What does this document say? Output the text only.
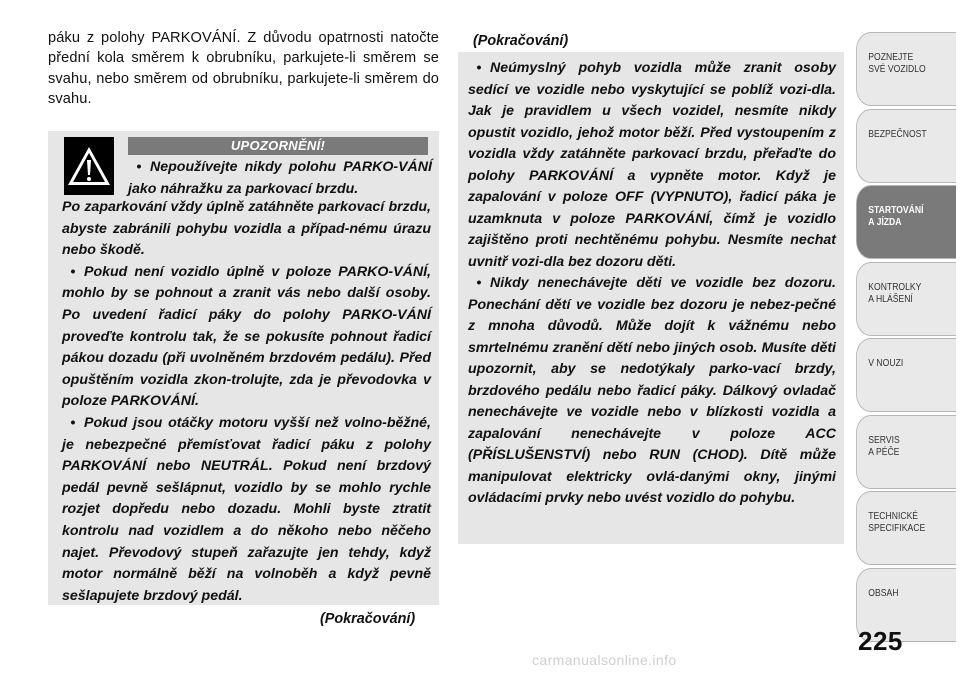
páku z polohy PARKOVÁNÍ. Z důvodu opatrnosti natočte přední kola směrem k obrubníku, parkujete-li směrem se svahu, nebo směrem od obrubníku, parkujete-li směrem do svahu.

UPOZORNĚNÍ!
• Nepoužívejte nikdy polohu PARKO-VÁNÍ jako náhražku za parkovací brzdu.

Po zaparkování vždy úplně zatáhněte parkovací brzdu, abyste zabránili pohybu vozidla a případ-nému úrazu nebo škodě.

• Pokud není vozidlo úplně v poloze PARKO-VÁNÍ, mohlo by se pohnout a zranit vás nebo další osoby. Po uvedení řadicí páky do polohy PARKO-VÁNÍ proveďte kontrolu tak, že se pokusíte pohnout řadicí pákou dozadu (při uvolněném brzdovém pedálu). Před opuštěním vozidla zkon-trolujte, zda je převodovka v poloze PARKOVÁNÍ.

• Pokud jsou otáčky motoru vyšší než volno-běžné, je nebezpečné přemísťovat řadicí páku z polohy PARKOVÁNÍ nebo NEUTRÁL. Pokud není brzdový pedál pevně sešlápnut, vozidlo by se mohlo rychle rozjet dopředu nebo dozadu. Mohli byste ztratit kontrolu nad vozidlem a do někoho nebo něčeho najet. Převodový stupeň zařazujte jen tehdy, když motor normálně běží na volnoběh a když pevně sešlapujete brzdový pedál.

(Pokračování)
(Pokračování)

• Neúmyslný pohyb vozidla může zranit osoby sedící ve vozidle nebo vyskytující se poblíž vozi-dla. Jak je pravidlem u všech vozidel, nesmíte nikdy opustit vozidlo, jehož motor běží. Před vystoupením z vozidla vždy zatáhněte parkovací brzdu, přeřaďte do polohy PARKOVÁNÍ a vypněte motor. Když je zapalování v poloze OFF (VYPNUTO), řadicí páka je uzamknuta v poloze PARKOVÁNÍ, čímž je vozidlo zajištěno proti nechtěnému pohybu. Nesmíte nechat uvnitř vozi-dla bez dozoru děti.

• Nikdy nenechávejte děti ve vozidle bez dozoru. Ponechání dětí ve vozidle bez dozoru je nebez-pečné z mnoha důvodů. Může dojít k vážnému nebo smrtelnému zranění dětí nebo jiných osob. Musíte děti upozornit, aby se nedotýkaly parko-vací brzdy, brzdového pedálu nebo řadicí páky. Dálkový ovladač nenechávejte ve vozidle nebo v blízkosti vozidla a zapalování nenechávejte v poloze ACC (PŘÍSLUŠENSTVÍ) nebo RUN (CHOD). Dítě může manipulovat elektricky ovlá-danými okny, jinými ovládacími prvky nebo uvést vozidlo do pohybu.

POZNEJTE
SVÉ VOZIDLO
BEZPEČNOST
STARTOVÁNÍ
A JÍZDA
KONTROLKY
A HLÁŠENÍ
V NOUZI
SERVIS
A PÉČE
TECHNICKÉ
SPECIFIKACE
OBSAH
225
carmanualsonline.info
